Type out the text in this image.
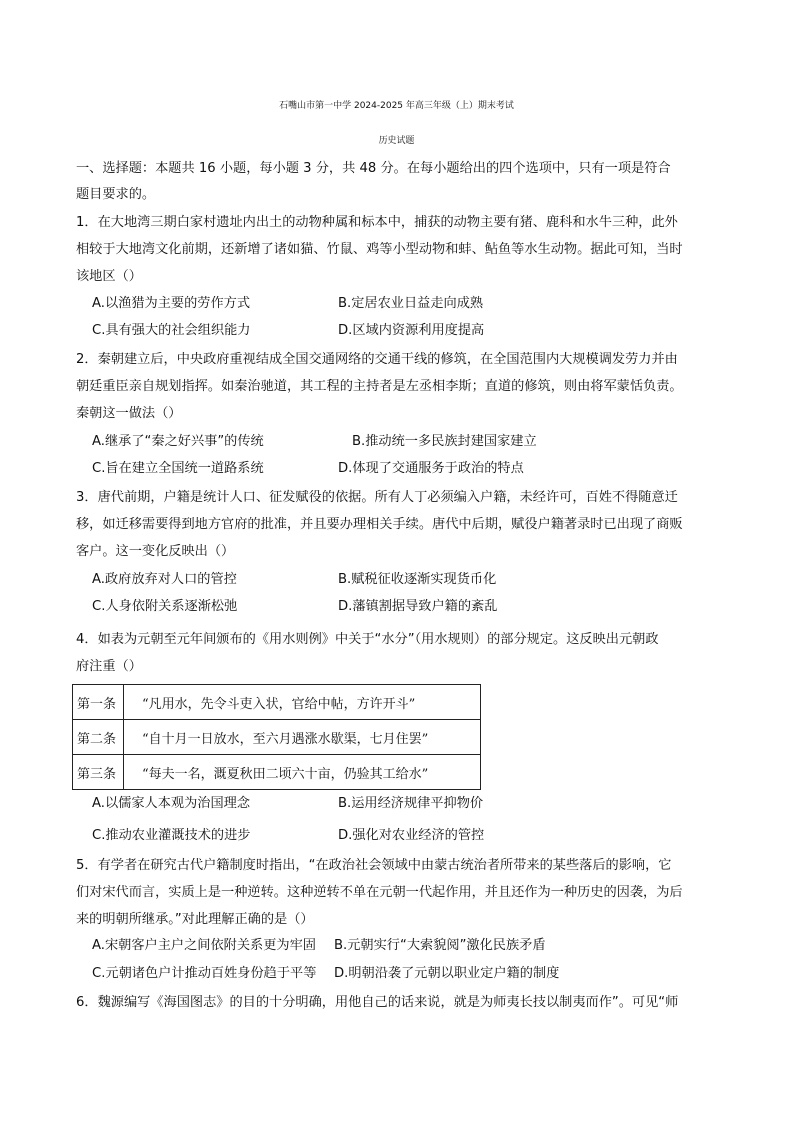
石嘴山市第一中学 2024-2025 年高三年级（上）期末考试
历史试题
一、选择题：本题共 16 小题，每小题 3 分，共 48 分。在每小题给出的四个选项中，只有一项是符合
题目要求的。
1．在大地湾三期白家村遗址内出土的动物种属和标本中，捕获的动物主要有猪、鹿科和水牛三种，此外
相较于大地湾文化前期，还新增了诸如猫、竹鼠、鸡等小型动物和蚌、鲇鱼等水生动物。据此可知，当时
该地区（）
A.以渔猎为主要的劳作方式	B.定居农业日益走向成熟
C.具有强大的社会组织能力	D.区域内资源利用度提高
2．秦朝建立后，中央政府重视结成全国交通网络的交通干线的修筑，在全国范围内大规模调发劳力并由
朝廷重臣亲自规划指挥。如秦治驰道，其工程的主持者是左丞相李斯；直道的修筑，则由将军蒙恬负责。
秦朝这一做法（）
A.继承了“秦之好兴事”的传统	B.推动统一多民族封建国家建立
C.旨在建立全国统一道路系统	D.体现了交通服务于政治的特点
3．唐代前期，户籍是统计人口、征发赋役的依据。所有人丁必须编入户籍，未经许可，百姓不得随意迁
移，如迁移需要得到地方官府的批准，并且要办理相关手续。唐代中后期，赋役户籍著录时已出现了商贩
客户。这一变化反映出（）
A.政府放弃对人口的管控	B.赋税征收逐渐实现货币化
C.人身依附关系逐渐松弛	D.藩镇割据导致户籍的紊乱
4．如表为元朝至元年间颁布的《用水则例》中关于“水分”（用水规则）的部分规定。这反映出元朝政
府注重（）
第一条	“凡用水，先令斗吏入状，官给中帖，方许开斗”
第二条	“自十月一日放水，至六月遇涨水歇渠，七月住罢”
第三条	“每夫一名，溉夏秋田二顷六十亩，仍验其工给水”
A.以儒家人本观为治国理念	B.运用经济规律平抑物价
C.推动农业灌溉技术的进步	D.强化对农业经济的管控
5．有学者在研究古代户籍制度时指出，“在政治社会领域中由蒙古统治者所带来的某些落后的影响，它
们对宋代而言，实质上是一种逆转。这种逆转不单在元朝一代起作用，并且还作为一种历史的因袭，为后
来的明朝所继承。”对此理解正确的是（）
A.宋朝客户主户之间依附关系更为牢固 B.元朝实行“大索貌阅”激化民族矛盾
C.元朝诸色户计推动百姓身份趋于平等 D.明朝沿袭了元朝以职业定户籍的制度
6．魏源编写《海国图志》的目的十分明确，用他自己的话来说，就是为师夷长技以制夷而作”。可见“师
